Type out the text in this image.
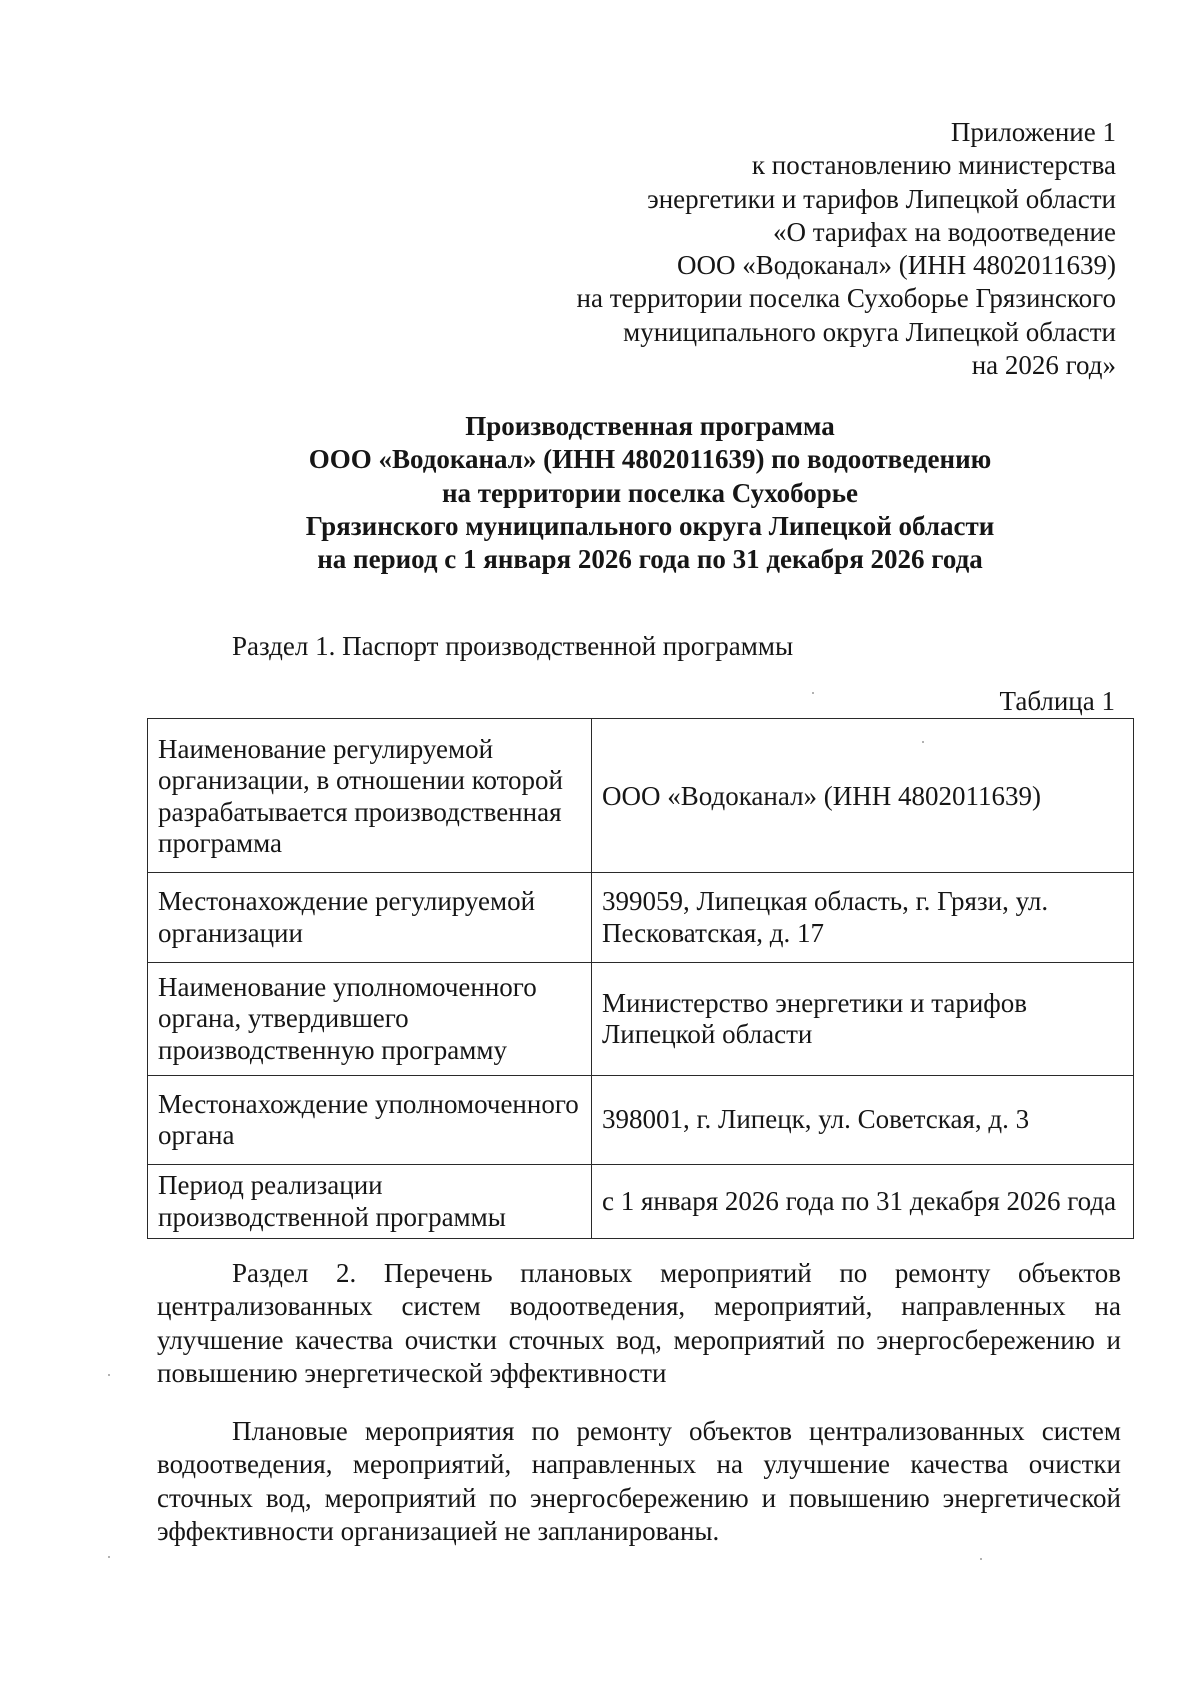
Приложение 1
к постановлению министерства
энергетики и тарифов Липецкой области
«О тарифах на водоотведение
ООО «Водоканал» (ИНН 4802011639)
на территории поселка Сухоборье Грязинского
муниципального округа Липецкой области
на 2026 год»
Производственная программа
ООО «Водоканал» (ИНН 4802011639) по водоотведению
на территории поселка Сухоборье
Грязинского муниципального округа Липецкой области
на период с 1 января 2026 года по 31 декабря 2026 года
Раздел 1. Паспорт производственной программы
Таблица 1
Наименование регулируемой организации, в отношении которой разрабатывается производственная программа	ООО «Водоканал» (ИНН 4802011639)
Местонахождение регулируемой организации	399059, Липецкая область, г. Грязи, ул. Песковатская, д. 17
Наименование уполномоченного органа, утвердившего производственную программу	Министерство энергетики и тарифов Липецкой области
Местонахождение уполномоченного органа	398001, г. Липецк, ул. Советская, д. 3
Период реализации производственной программы	с 1 января 2026 года по 31 декабря 2026 года
Раздел 2. Перечень плановых мероприятий по ремонту объектов централизованных систем водоотведения, мероприятий, направленных на улучшение качества очистки сточных вод, мероприятий по энергосбережению и повышению энергетической эффективности
Плановые мероприятия по ремонту объектов централизованных систем водоотведения, мероприятий, направленных на улучшение качества очистки сточных вод, мероприятий по энергосбережению и повышению энергетической эффективности организацией не запланированы.
